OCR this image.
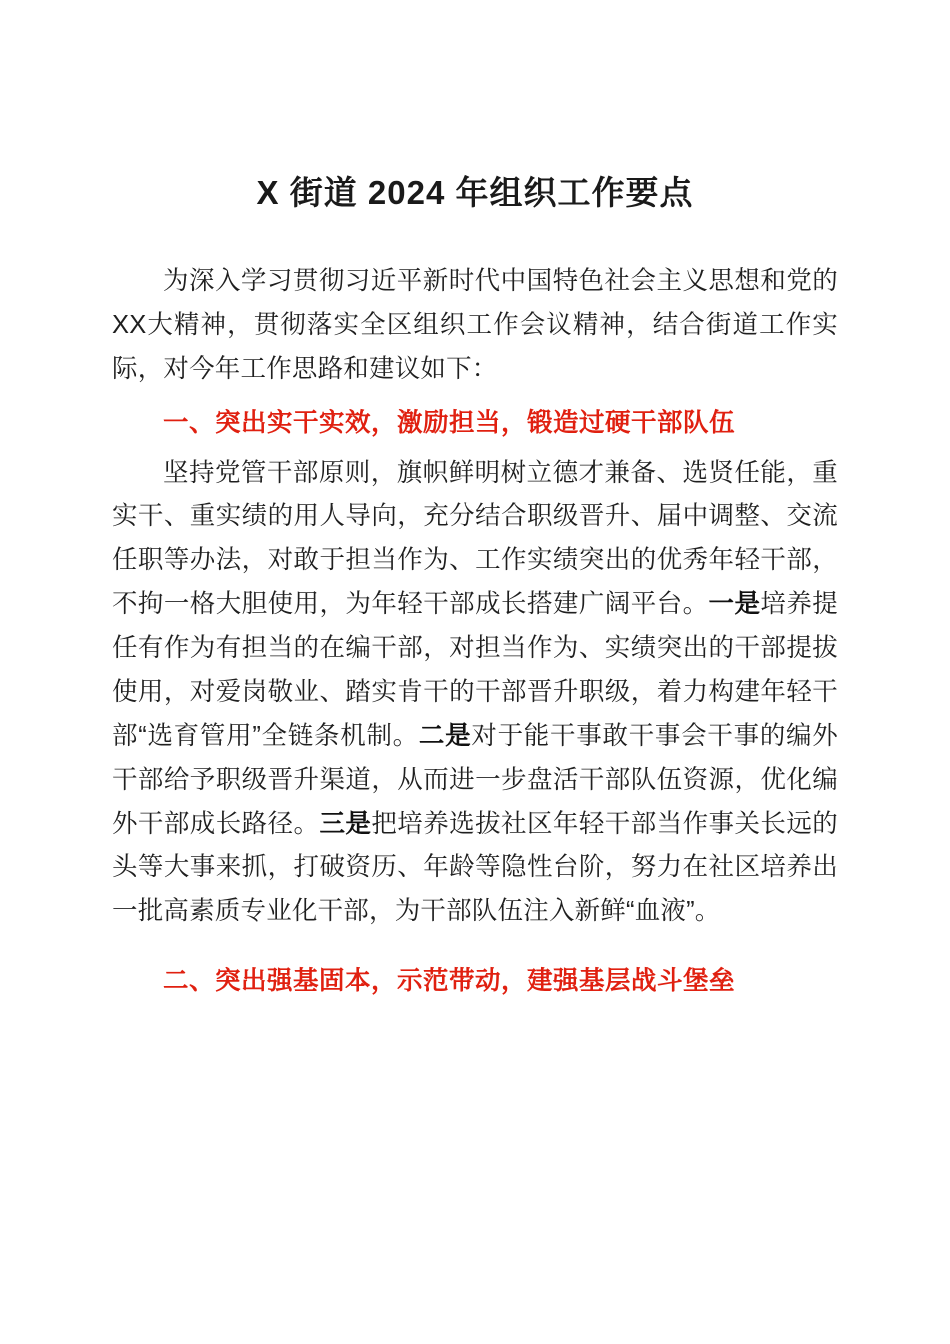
X 街道 2024 年组织工作要点

为深入学习贯彻习近平新时代中国特色社会主义思想和党的XX大精神，贯彻落实全区组织工作会议精神，结合街道工作实际，对今年工作思路和建议如下：

一、突出实干实效，激励担当，锻造过硬干部队伍

坚持党管干部原则，旗帜鲜明树立德才兼备、选贤任能，重实干、重实绩的用人导向，充分结合职级晋升、届中调整、交流任职等办法，对敢于担当作为、工作实绩突出的优秀年轻干部，不拘一格大胆使用，为年轻干部成长搭建广阔平台。一是培养提任有作为有担当的在编干部，对担当作为、实绩突出的干部提拔使用，对爱岗敬业、踏实肯干的干部晋升职级，着力构建年轻干部“选育管用”全链条机制。二是对于能干事敢干事会干事的编外干部给予职级晋升渠道，从而进一步盘活干部队伍资源，优化编外干部成长路径。三是把培养选拔社区年轻干部当作事关长远的头等大事来抓，打破资历、年龄等隐性台阶，努力在社区培养出一批高素质专业化干部，为干部队伍注入新鲜“血液”。

二、突出强基固本，示范带动，建强基层战斗堡垒
